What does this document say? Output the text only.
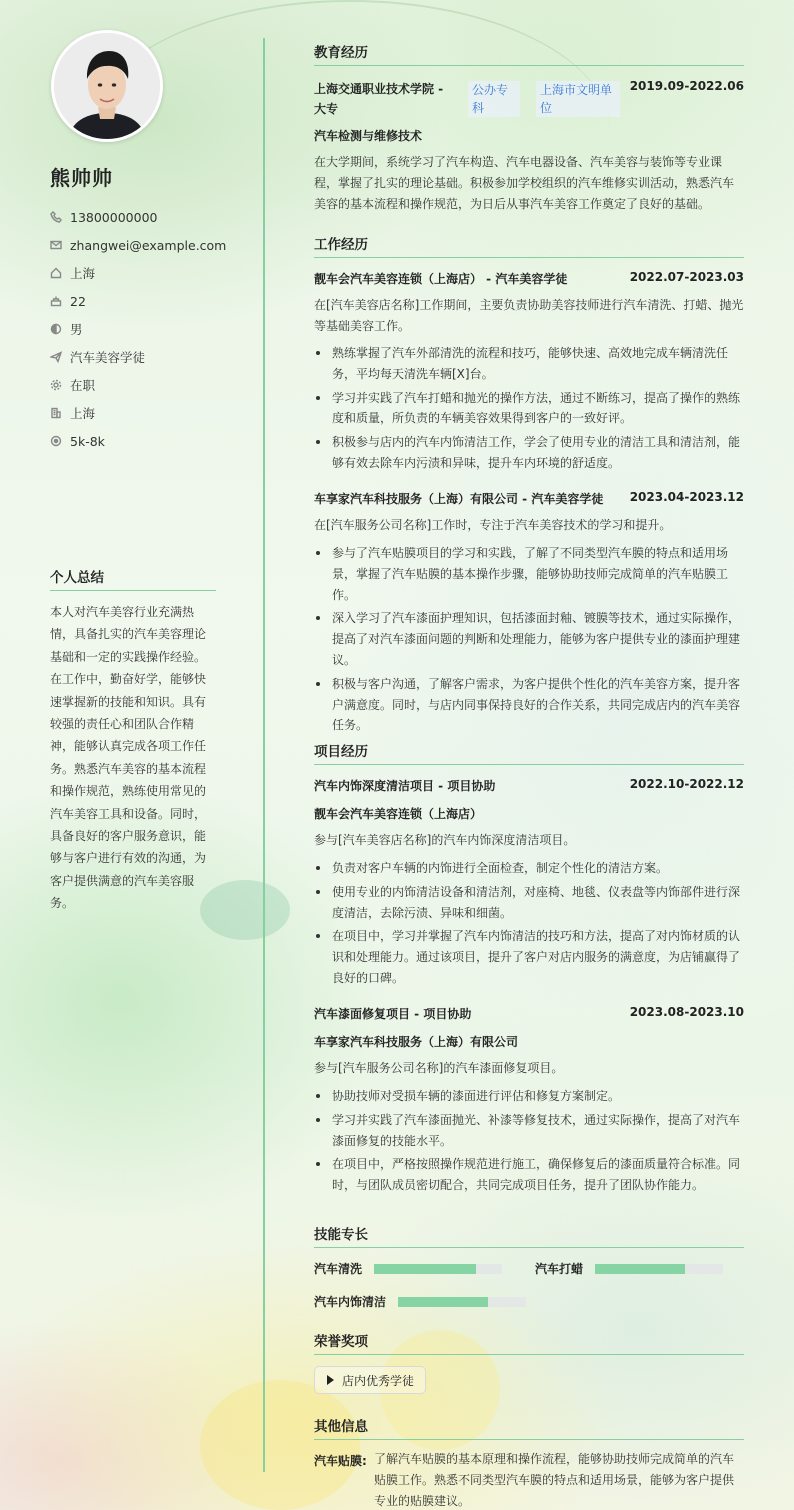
熊帅帅
13800000000
zhangwei@example.com
上海
22
男
汽车美容学徒
在职
上海
5k-8k
个人总结
本人对汽车美容行业充满热情，具备扎实的汽车美容理论基础和一定的实践操作经验。在工作中，勤奋好学，能够快速掌握新的技能和知识。具有较强的责任心和团队合作精神，能够认真完成各项工作任务。熟悉汽车美容的基本流程和操作规范，熟练使用常见的汽车美容工具和设备。同时，具备良好的客户服务意识，能够与客户进行有效的沟通，为客户提供满意的汽车美容服务。
教育经历
上海交通职业技术学院 - 大专
公办专科
上海市文明单位
2019.09-2022.06
汽车检测与维修技术
在大学期间，系统学习了汽车构造、汽车电器设备、汽车美容与装饰等专业课程，掌握了扎实的理论基础。积极参加学校组织的汽车维修实训活动，熟悉汽车美容的基本流程和操作规范，为日后从事汽车美容工作奠定了良好的基础。
工作经历
靓车会汽车美容连锁（上海店） - 汽车美容学徒	2022.07-2023.03
在[汽车美容店名称]工作期间，主要负责协助美容技师进行汽车清洗、打蜡、抛光等基础美容工作。
熟练掌握了汽车外部清洗的流程和技巧，能够快速、高效地完成车辆清洗任务，平均每天清洗车辆[X]台。
学习并实践了汽车打蜡和抛光的操作方法，通过不断练习，提高了操作的熟练度和质量，所负责的车辆美容效果得到客户的一致好评。
积极参与店内的汽车内饰清洁工作，学会了使用专业的清洁工具和清洁剂，能够有效去除车内污渍和异味，提升车内环境的舒适度。
车享家汽车科技服务（上海）有限公司 - 汽车美容学徒 2023.04-2023.12
在[汽车服务公司名称]工作时，专注于汽车美容技术的学习和提升。
参与了汽车贴膜项目的学习和实践，了解了不同类型汽车膜的特点和适用场景，掌握了汽车贴膜的基本操作步骤，能够协助技师完成简单的汽车贴膜工作。
深入学习了汽车漆面护理知识，包括漆面封釉、镀膜等技术，通过实际操作，提高了对汽车漆面问题的判断和处理能力，能够为客户提供专业的漆面护理建议。
积极与客户沟通，了解客户需求，为客户提供个性化的汽车美容方案，提升客户满意度。同时，与店内同事保持良好的合作关系，共同完成店内的汽车美容任务。
项目经历
汽车内饰深度清洁项目 - 项目协助	2022.10-2022.12
靓车会汽车美容连锁（上海店）
参与[汽车美容店名称]的汽车内饰深度清洁项目。
负责对客户车辆的内饰进行全面检查，制定个性化的清洁方案。
使用专业的内饰清洁设备和清洁剂，对座椅、地毯、仪表盘等内饰部件进行深度清洁，去除污渍、异味和细菌。
在项目中，学习并掌握了汽车内饰清洁的技巧和方法，提高了对内饰材质的认识和处理能力。通过该项目，提升了客户对店内服务的满意度，为店铺赢得了良好的口碑。
汽车漆面修复项目 - 项目协助	2023.08-2023.10
车享家汽车科技服务（上海）有限公司
参与[汽车服务公司名称]的汽车漆面修复项目。
协助技师对受损车辆的漆面进行评估和修复方案制定。
学习并实践了汽车漆面抛光、补漆等修复技术，通过实际操作，提高了对汽车漆面修复的技能水平。
在项目中，严格按照操作规范进行施工，确保修复后的漆面质量符合标准。同时，与团队成员密切配合，共同完成项目任务，提升了团队协作能力。
技能专长
汽车清洗	汽车打蜡
汽车内饰清洁
荣誉奖项
店内优秀学徒
其他信息
汽车贴膜: 了解汽车贴膜的基本原理和操作流程，能够协助技师完成简单的汽车贴膜工作。熟悉不同类型汽车膜的特点和适用场景，能够为客户提供专业的贴膜建议。
